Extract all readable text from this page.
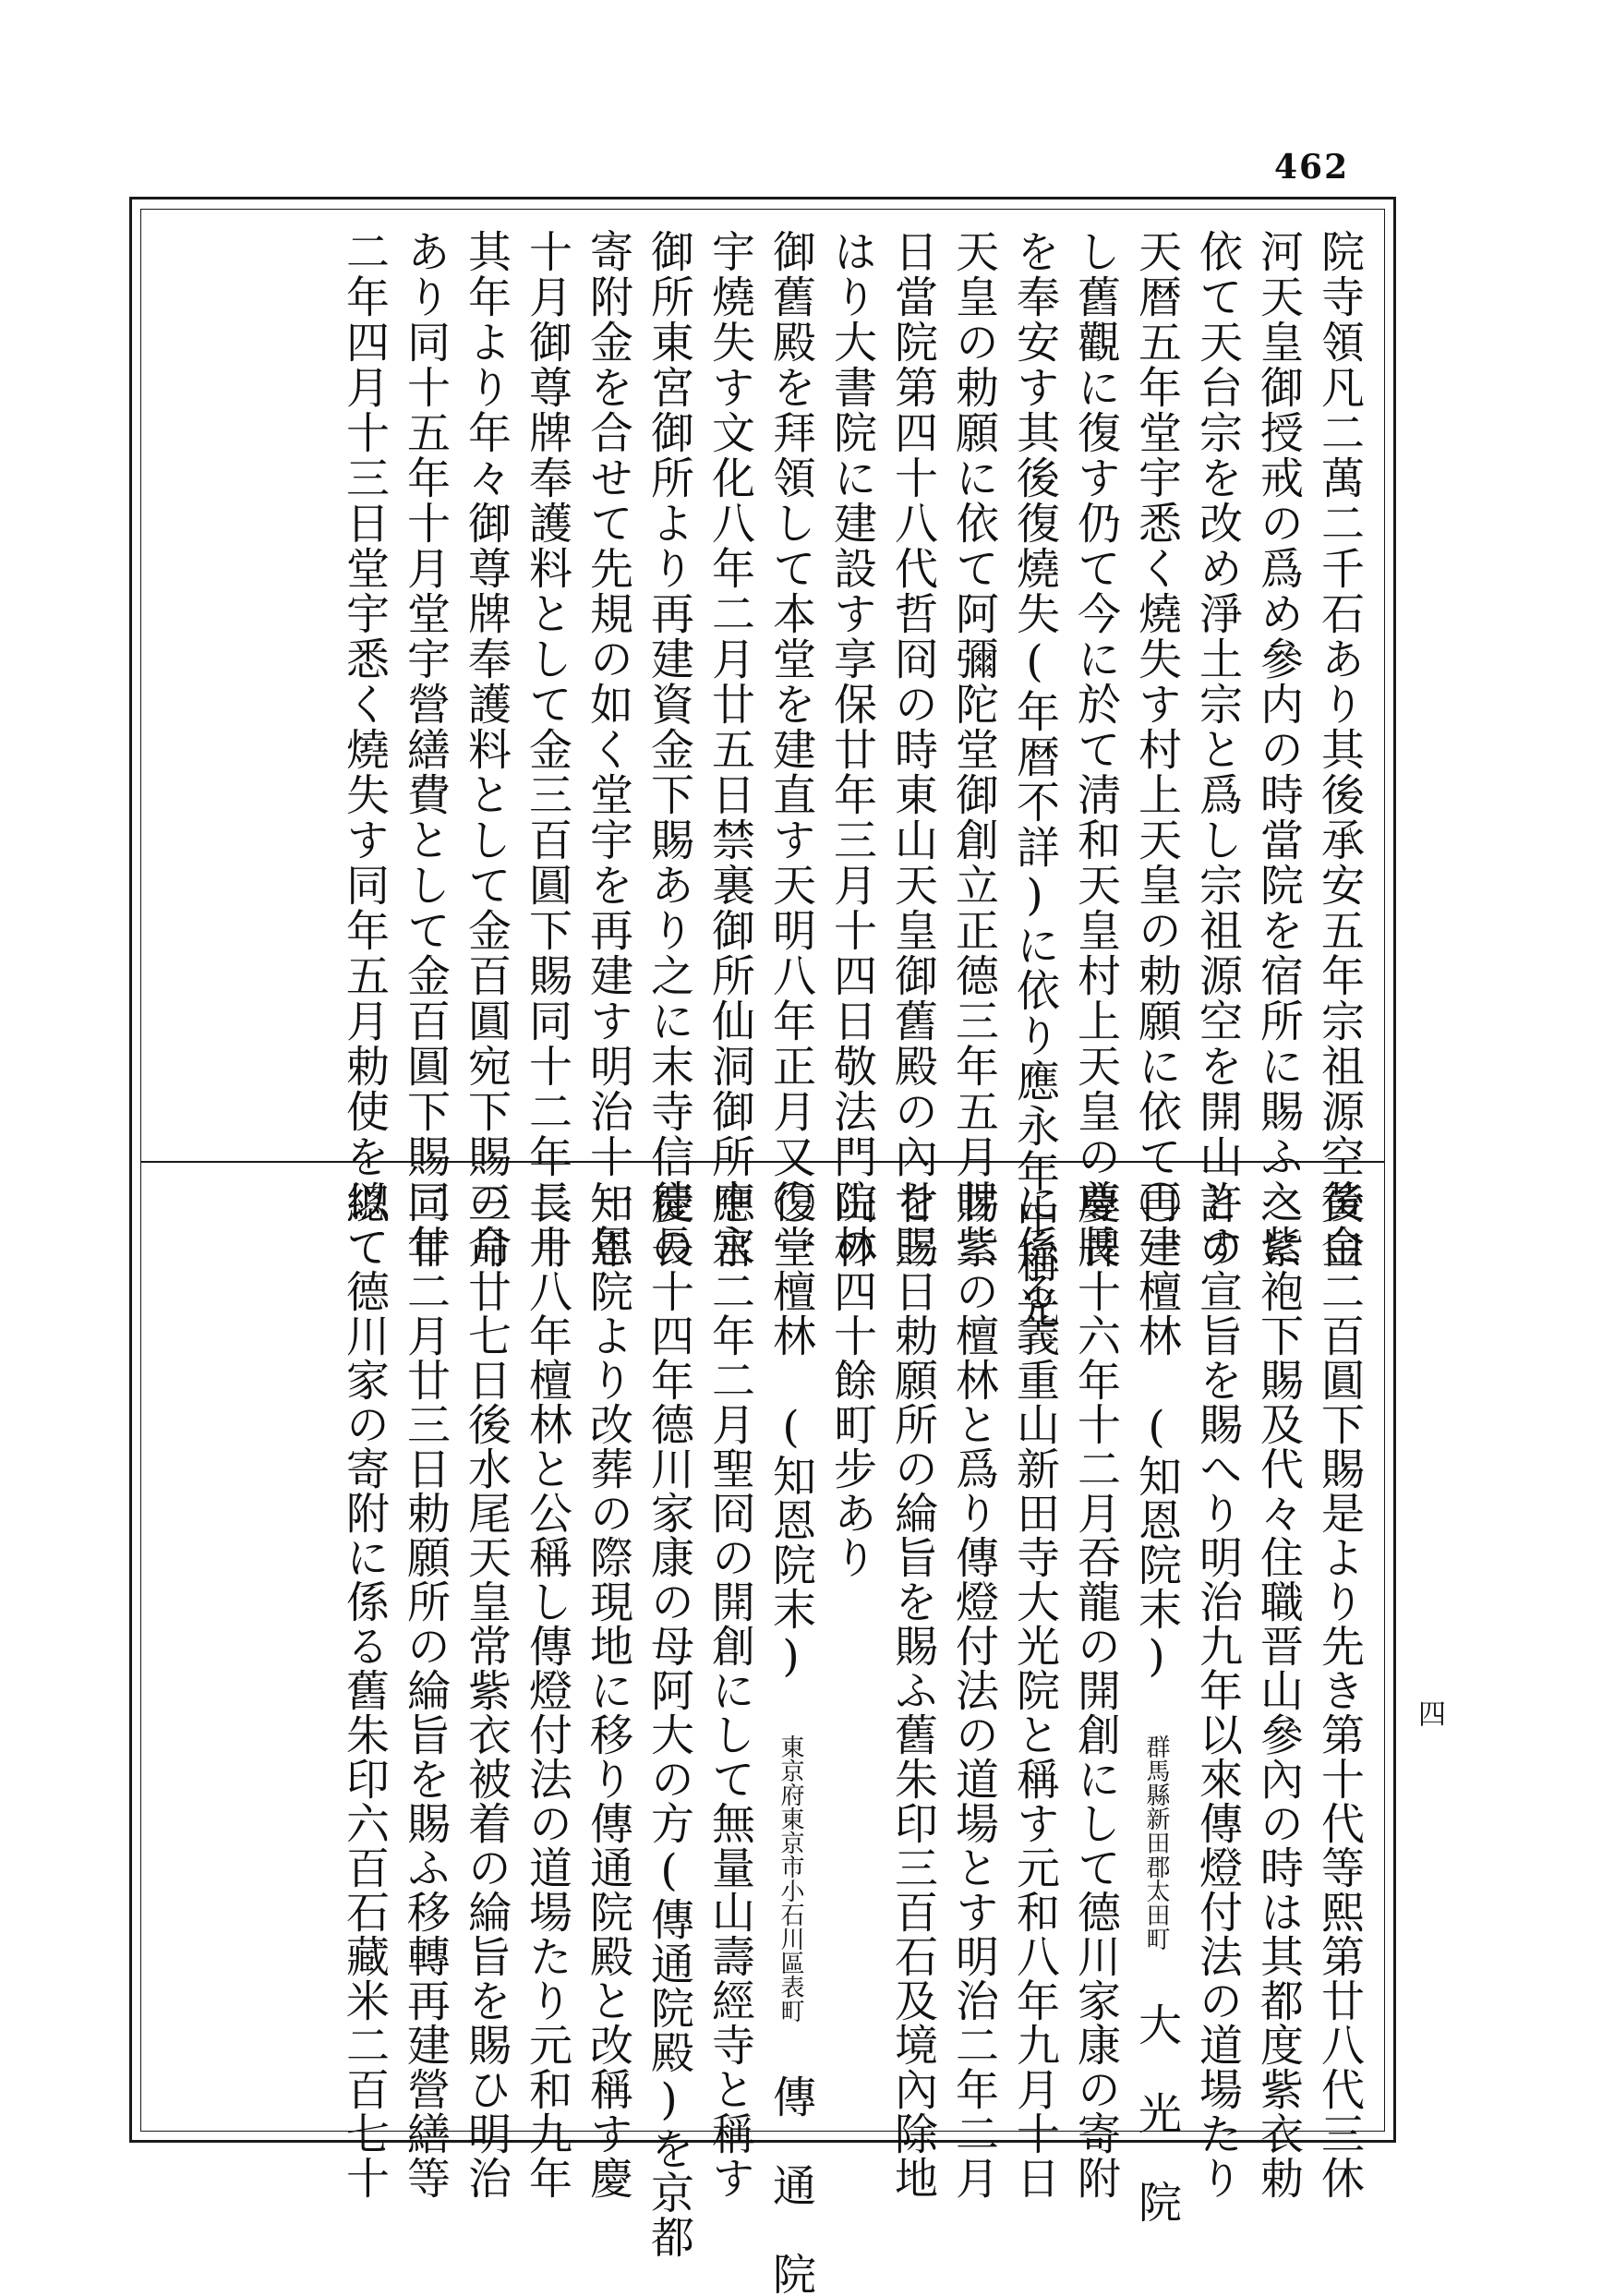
462
院寺領凡二萬二千石あり其後承安五年宗祖源空後白
河天皇御授戒の爲め參内の時當院を宿所に賜ふ之に
依て天台宗を改め淨土宗と爲し宗祖源空を開山とす
天暦五年堂宇悉く燒失す村上天皇の勅願に依て再建
し舊觀に復す仍て今に於て淸和天皇村上天皇の尊牌
を奉安す其後復燒失(年暦不詳)に依り應永年中稱光
天皇の勅願に依て阿彌陀堂御創立正德三年五月廿二
日當院第四十八代哲冏の時東山天皇御舊殿の內を賜
はり大書院に建設す享保廿年三月十四日敬法門院の
御舊殿を拜領して本堂を建直す天明八年正月又復堂
宇燒失す文化八年二月廿五日禁裏御所仙洞御所中宮
御所東宮御所より再建資金下賜あり之に末寺信徒の
寄附金を合せて先規の如く堂宇を再建す明治十一年
十月御尊牌奉護料として金三百圓下賜同十二年二月
其年より年々御尊牌奉護料として金百圓宛下賜の命
あり同十五年十月堂宇營繕費として金百圓下賜同廿
二年四月十三日堂宇悉く燒失す同年五月勅使を以て
黃金二百圓下賜是より先き第十代等熙第廿八代三休
へ紫袍下賜及代々住職晋山參內の時は其都度紫衣勅
許の宣旨を賜へり明治九年以來傳燈付法の道場たり
〇一檀林　(知恩院末) 群馬縣新田郡太田町 大　光　院
慶長十六年十二月吞龍の開創にして德川家康の寄附
に係る義重山新田寺大光院と稱す元和八年九月十日
賜紫の檀林と爲り傳燈付法の道場とす明治二年二月
廿三日勅願所の綸旨を賜ふ舊朱印三百石及境內除地
山林四十餘町步あり
〇一檀林　(知恩院末) 東京府東京市小石川區表町 傳　通　院
應永二年二月聖冏の開創にして無量山壽經寺と稱す
慶長十四年德川家康の母阿大の方(傳通院殿)を京都
知恩院より改葬の際現地に移り傳通院殿と改稱す慶
長十八年檀林と公稱し傳燈付法の道場たり元和九年
三月廿七日後水尾天皇常紫衣被着の綸旨を賜ひ明治
二年二月廿三日勅願所の綸旨を賜ふ移轉再建營繕等
總て德川家の寄附に係る舊朱印六百石藏米二百七十	四
